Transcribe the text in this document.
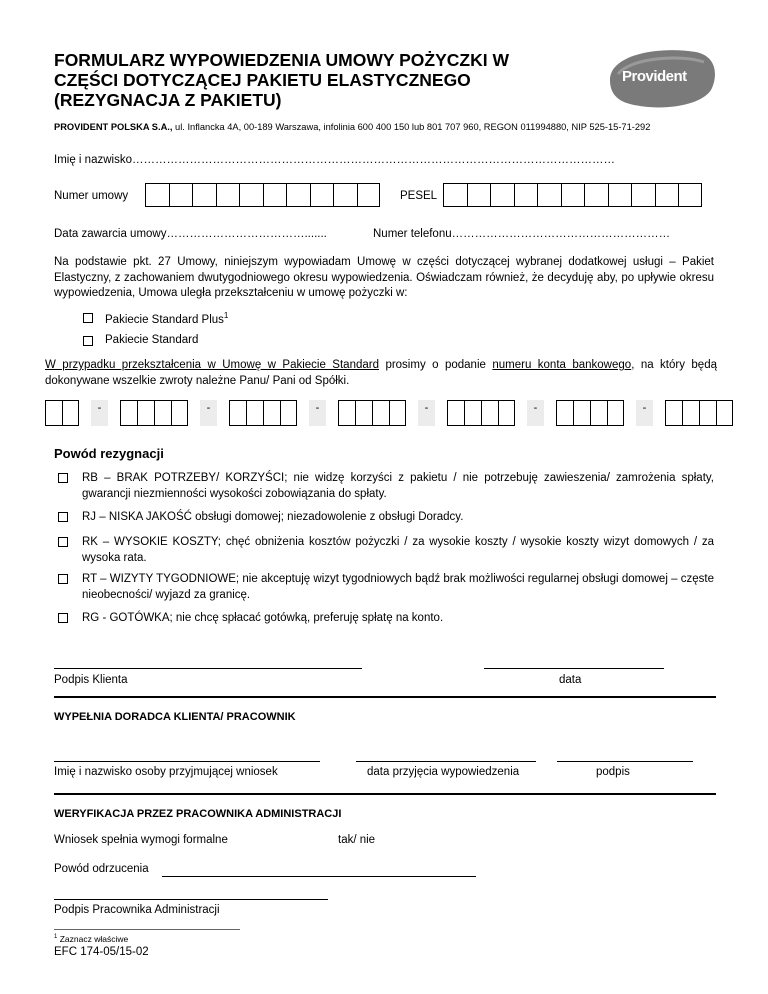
FORMULARZ WYPOWIEDZENIA UMOWY POŻYCZKI W
CZĘŚCI DOTYCZĄCEJ PAKIETU ELASTYCZNEGO
(REZYGNACJA Z PAKIETU)
Provident
PROVIDENT POLSKA S.A., ul. Inflancka 4A, 00-189 Warszawa, infolinia 600 400 150 lub 801 707 960, REGON 011994880, NIP 525-15-71-292
Imię i nazwisko………………………………………………………………………………………………………………
Numer umowy	PESEL
Data zawarcia umowy……………………………….......	Numer telefonu…………………………………………………
Na podstawie pkt. 27 Umowy, niniejszym wypowiadam Umowę w części dotyczącej wybranej dodatkowej usługi – Pakiet Elastyczny, z zachowaniem dwutygodniowego okresu wypowiedzenia. Oświadczam również, że decyduję aby, po upływie okresu wypowiedzenia, Umowa uległa przekształceniu w umowę pożyczki w:
Pakiecie Standard Plus$^1$
Pakiecie Standard
W przypadku przekształcenia w Umowę w Pakiecie Standard prosimy o podanie numeru konta bankowego, na który będą dokonywane wszelkie zwroty należne Panu/ Pani od Spółki.
-	-	-	-	-	-
Powód rezygnacji
RB – BRAK POTRZEBY/ KORZYŚCI; nie widzę korzyści z pakietu / nie potrzebuję zawieszenia/ zamrożenia spłaty, gwarancji niezmienności wysokości zobowiązania do spłaty.
RJ – NISKA JAKOŚĆ obsługi domowej; niezadowolenie z obsługi Doradcy.
RK – WYSOKIE KOSZTY; chęć obniżenia kosztów pożyczki / za wysokie koszty / wysokie koszty wizyt domowych / za wysoka rata.
RT – WIZYTY TYGODNIOWE; nie akceptuję wizyt tygodniowych bądź brak możliwości regularnej obsługi domowej – częste nieobecności/ wyjazd za granicę.
RG - GOTÓWKA; nie chcę spłacać gotówką, preferuję spłatę na konto.
Podpis Klienta	data
WYPEŁNIA DORADCA KLIENTA/ PRACOWNIK
Imię i nazwisko osoby przyjmującej wniosek	data przyjęcia wypowiedzenia	podpis
WERYFIKACJA PRZEZ PRACOWNIKA ADMINISTRACJI
Wniosek spełnia wymogi formalne	tak/ nie
Powód odrzucenia
Podpis Pracownika Administracji
$^1$ Zaznacz właściwe
EFC 174-05/15-02
